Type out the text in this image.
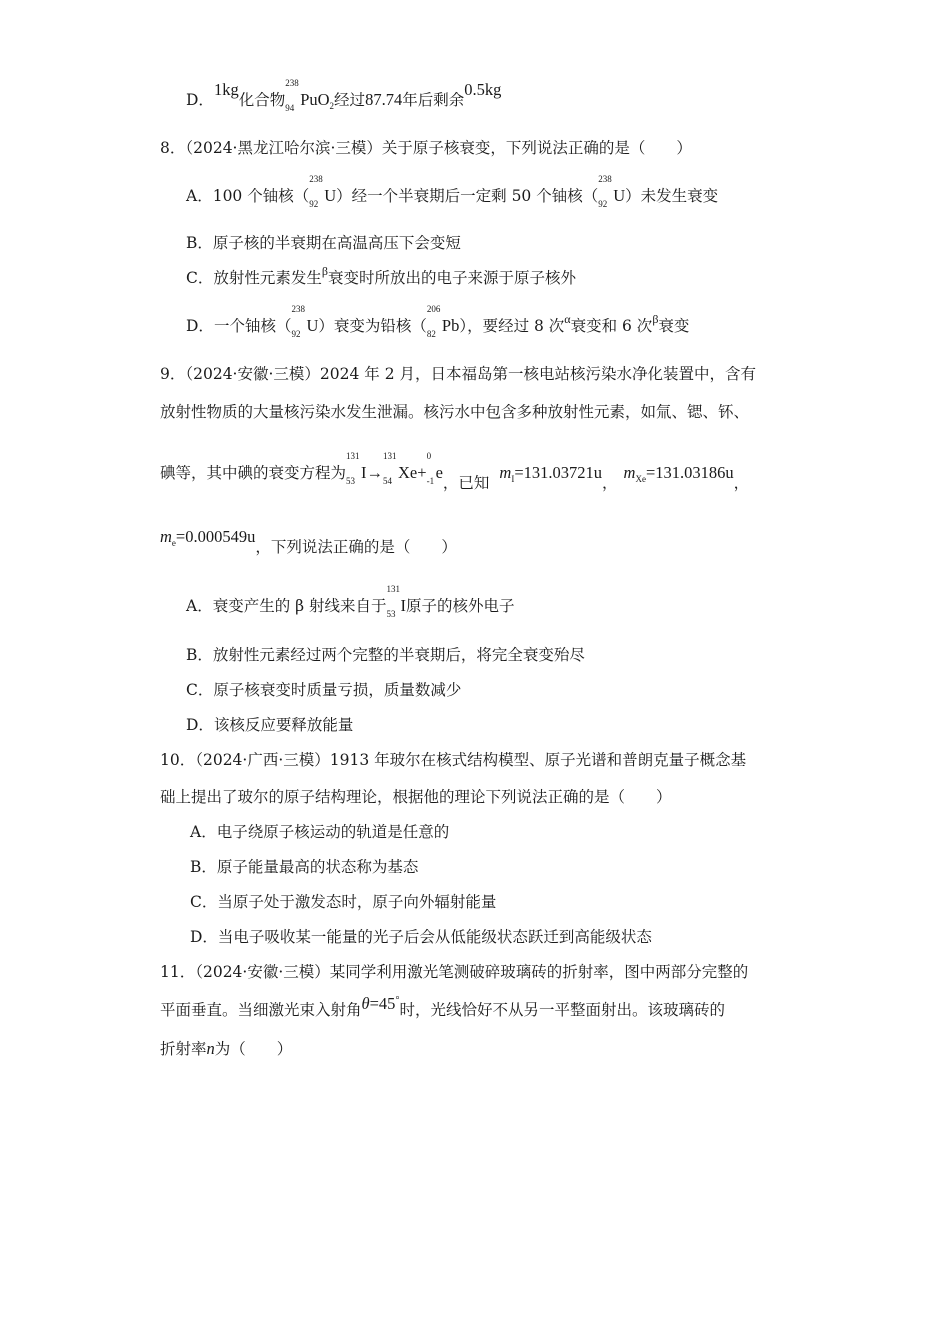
D．1kg化合物
238
94 PuO$_2$经过87.74年后剩余0.5kg
8．（2024·黑龙江哈尔滨·三模）关于原子核衰变，下列说法正确的是（　　）
A．100 个铀核（
238
92 U）经一个半衰期后一定剩 50 个铀核（
238
92 U）未发生衰变
B．原子核的半衰期在高温高压下会变短
C．放射性元素发生$^\beta$衰变时所放出的电子来源于原子核外
D．一个铀核（
238
92 U）衰变为铅核（
206
82 Pb），要经过 8 次$^\alpha$衰变和 6 次$^\beta$衰变
9．（2024·安徽·三模）2024 年 2 月，日本福岛第一核电站核污染水净化装置中，含有
放射性物质的大量核污染水发生泄漏。核污水中包含多种放射性元素，如氚、锶、钚、
碘等，其中碘的衰变方程为
131
53 I→
131
54 Xe+
0
-1 e，已知$m_I=131.03721u$，$m_{Xe}=131.03186u$，
$m_e=0.000549u$，下列说法正确的是（　　）
A．衰变产生的 β 射线来自于
131
53 I原子的核外电子
B．放射性元素经过两个完整的半衰期后，将完全衰变殆尽
C．原子核衰变时质量亏损，质量数减少
D．该核反应要释放能量
10．（2024·广西·三模）1913 年玻尔在核式结构模型、原子光谱和普朗克量子概念基
础上提出了玻尔的原子结构理论，根据他的理论下列说法正确的是（　　）
A．电子绕原子核运动的轨道是任意的
B．原子能量最高的状态称为基态
C．当原子处于激发态时，原子向外辐射能量
D．当电子吸收某一能量的光子后会从低能级状态跃迁到高能级状态
11．（2024·安徽·三模）某同学利用激光笔测破碎玻璃砖的折射率，图中两部分完整的
平面垂直。当细激光束入射角θ=45°时，光线恰好不从另一平整面射出。该玻璃砖的
折射率n为（　　）
